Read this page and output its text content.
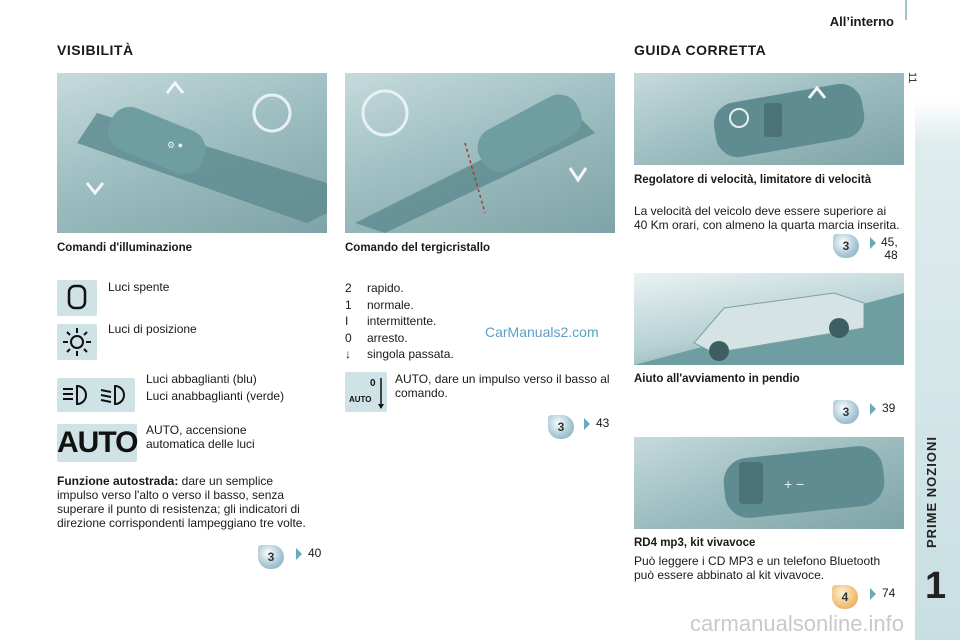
All’interno
11
PRIME NOZIONI
1
VISIBILITÀ
⚙ ●
Comandi d'illuminazione	Comando del tergicristallo
Luci spente
Luci di posizione
Luci abbaglianti (blu)
Luci anabbaglianti (verde)
AUTO AUTO, accensione automatica delle luci
Funzione autostrada: dare un semplice impulso verso l'alto o verso il basso, senza superare il punto di resistenza; gli indicatori di direzione corrispondenti lampeggiano tre volte.
3	40
2 rapido.
1 normale.
I intermittente.
0 arresto.
↓ singola passata.
CarManuals2.com
0
AUTO
AUTO, dare un impulso verso il basso al comando.
3	43
GUIDA CORRETTA
Regolatore di velocità, limitatore di velocità
La velocità del veicolo deve essere superiore ai 40 Km orari, con almeno la quarta marcia inserita.
3	45,
48
Aiuto all'avviamento in pendio
3	39
+ −
RD4 mp3, kit vivavoce
Può leggere i CD MP3 e un telefono Bluetooth può essere abbinato al kit vivavoce.
4	74
carmanualsonline.info
